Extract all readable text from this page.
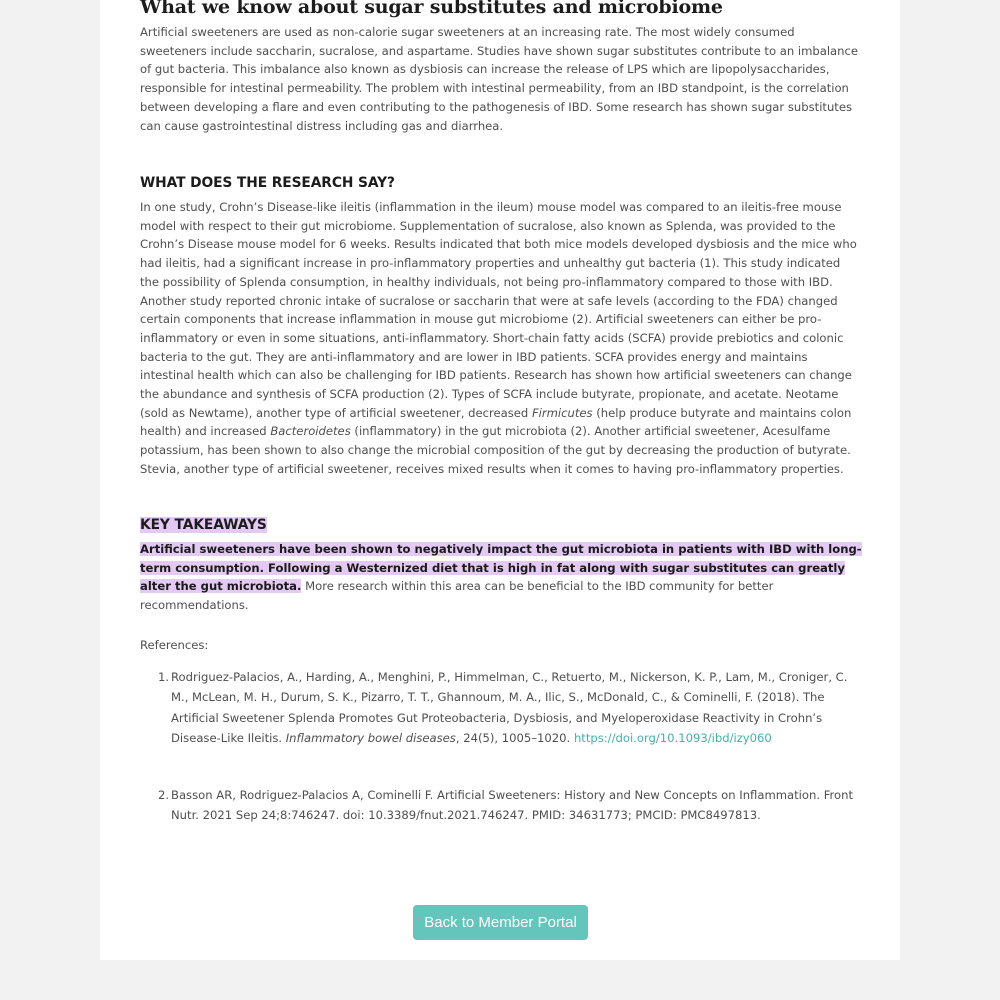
What we know about sugar substitutes and microbiome

Artificial sweeteners are used as non-calorie sugar sweeteners at an increasing rate. The most widely consumed sweeteners include saccharin, sucralose, and aspartame. Studies have shown sugar substitutes contribute to an imbalance of gut bacteria. This imbalance also known as dysbiosis can increase the release of LPS which are lipopolysaccharides, responsible for intestinal permeability. The problem with intestinal permeability, from an IBD standpoint, is the correlation between developing a flare and even contributing to the pathogenesis of IBD. Some research has shown sugar substitutes can cause gastrointestinal distress including gas and diarrhea.

WHAT DOES THE RESEARCH SAY?

In one study, Crohn’s Disease-like ileitis (inflammation in the ileum) mouse model was compared to an ileitis-free mouse model with respect to their gut microbiome. Supplementation of sucralose, also known as Splenda, was provided to the Crohn’s Disease mouse model for 6 weeks. Results indicated that both mice models developed dysbiosis and the mice who had ileitis, had a significant increase in pro-inflammatory properties and unhealthy gut bacteria (1). This study indicated the possibility of Splenda consumption, in healthy individuals, not being pro-inflammatory compared to those with IBD. Another study reported chronic intake of sucralose or saccharin that were at safe levels (according to the FDA) changed certain components that increase inflammation in mouse gut microbiome (2). Artificial sweeteners can either be pro-inflammatory or even in some situations, anti-inflammatory. Short-chain fatty acids (SCFA) provide prebiotics and colonic bacteria to the gut. They are anti-inflammatory and are lower in IBD patients. SCFA provides energy and maintains intestinal health which can also be challenging for IBD patients. Research has shown how artificial sweeteners can change the abundance and synthesis of SCFA production (2). Types of SCFA include butyrate, propionate, and acetate. Neotame (sold as Newtame), another type of artificial sweetener, decreased Firmicutes (help produce butyrate and maintains colon health) and increased Bacteroidetes (inflammatory) in the gut microbiota (2). Another artificial sweetener, Acesulfame potassium, has been shown to also change the microbial composition of the gut by decreasing the production of butyrate. Stevia, another type of artificial sweetener, receives mixed results when it comes to having pro-inflammatory properties.

KEY TAKEAWAYS

Artificial sweeteners have been shown to negatively impact the gut microbiota in patients with IBD with long-term consumption. Following a Westernized diet that is high in fat along with sugar substitutes can greatly alter the gut microbiota. More research within this area can be beneficial to the IBD community for better recommendations.

References:

1. Rodriguez-Palacios, A., Harding, A., Menghini, P., Himmelman, C., Retuerto, M., Nickerson, K. P., Lam, M., Croniger, C. M., McLean, M. H., Durum, S. K., Pizarro, T. T., Ghannoum, M. A., Ilic, S., McDonald, C., & Cominelli, F. (2018). The Artificial Sweetener Splenda Promotes Gut Proteobacteria, Dysbiosis, and Myeloperoxidase Reactivity in Crohn’s Disease-Like Ileitis. Inflammatory bowel diseases, 24(5), 1005–1020. https://doi.org/10.1093/ibd/izy060
2. Basson AR, Rodriguez-Palacios A, Cominelli F. Artificial Sweeteners: History and New Concepts on Inflammation. Front Nutr. 2021 Sep 24;8:746247. doi: 10.3389/fnut.2021.746247. PMID: 34631773; PMCID: PMC8497813.
Back to Member Portal
